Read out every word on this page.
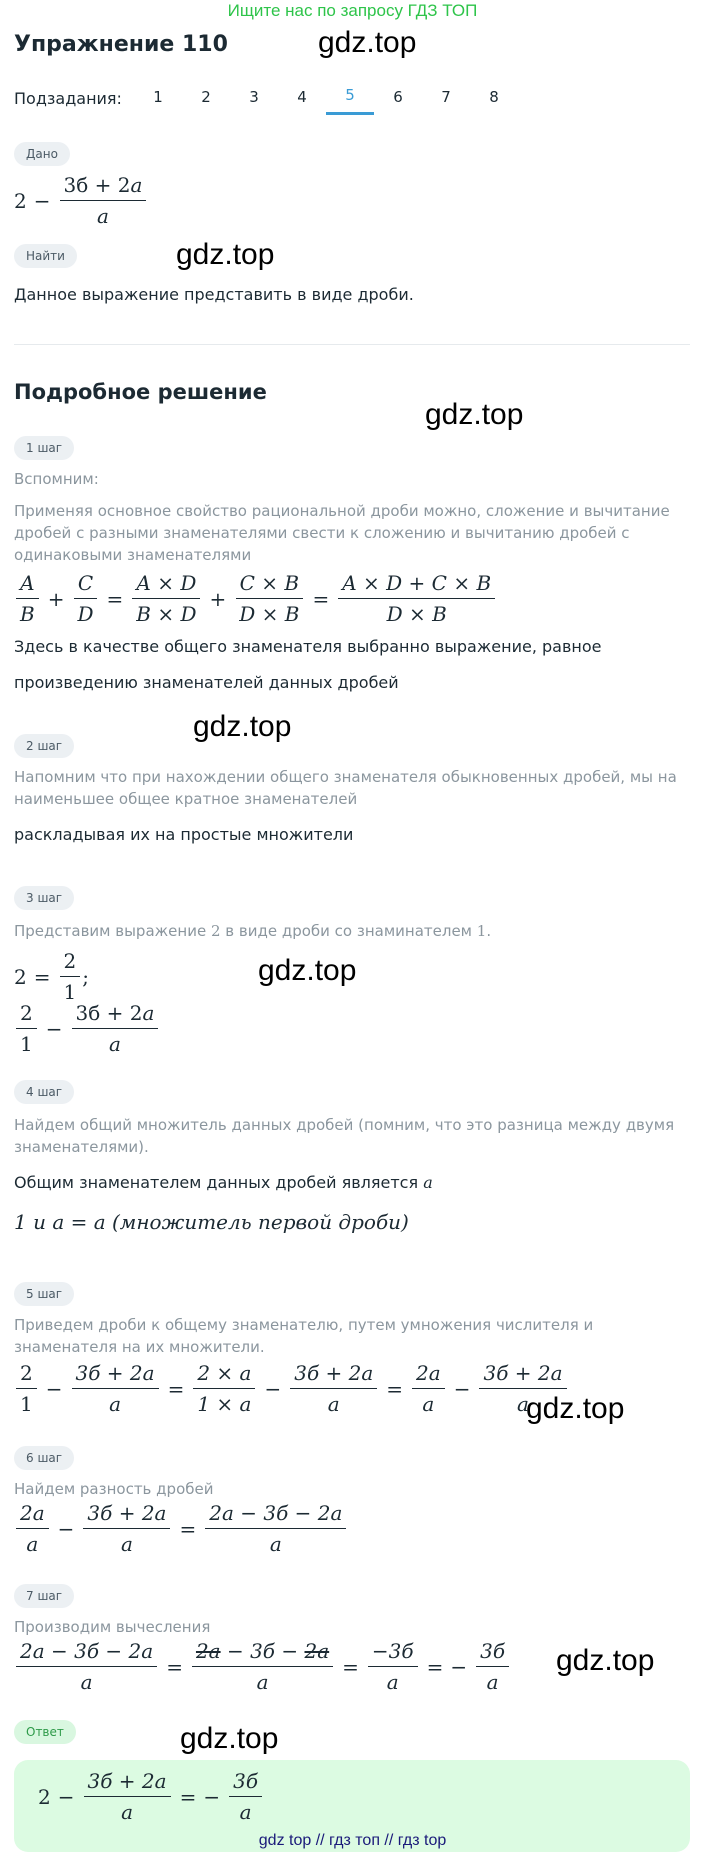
Ищите нас по запросу ГДЗ ТОП
Упражнение 110	gdz.top
Подзадания:	1	2	3	4	5	6	7	8
Дано
2 −
3б + 2a
a
Найти	gdz.top
Данное выражение представить в виде дроби.
Подробное решение
gdz.top
1 шаг
Вспомним:
Применяя основное свойство рациональной дроби можно, сложение и вычитание дробей с разными знаменателями свести к сложению и вычитанию дробей с одинаковыми знаменателями
$\frac{A}{B} + \frac{C}{D} = \frac{A \times D}{B \times D} + \frac{C \times B}{D \times B} = \frac{A \times D + C \times B}{D \times B}$
Здесь в качестве общего знаменателя выбранно выражение, равное
произведению знаменателей данных дробей
gdz.top
2 шаг
Напомним что при нахождении общего знаменателя обыкновенных дробей, мы на наименьшее общее кратное знаменателей
раскладывая их на простые множители
3 шаг
Представим выражение 2 в виде дроби со знаминателем 1.
$2 = \frac{2}{1}$ ;	gdz.top
$\frac{2}{1}$ −
3б + 2a
a
4 шаг
Найдем общий множитель данных дробей (помним, что это разница между двумя знаменателями).
Общим знаменателем данных дробей является a
1 и a = a (множитель первой дроби)
5 шаг
Приведем дроби к общему знаменателю, путем умножения числителя и знаменателя на их множители.
$\frac{2}{1}$ −
3б + 2a
a
= $\frac{2 \times a}{1 \times a}$ −
3б + 2a
a
= $\frac{2a}{a}$ −
3б + 2a
a
gdz.top
6 шаг
Найдем разность дробей
$\frac{2a}{a}$ −
3б + 2a
a
=
2a − 3б − 2a
a
7 шаг
Производим вычесления
2a − 3б − 2a
a
=
2a − 3б − 2a
a
=
−3б
a
= −
3б
a
gdz.top
Ответ	gdz.top
2 −
3б + 2a
a
= −
3б
a
gdz top // гдз топ // гдз top
